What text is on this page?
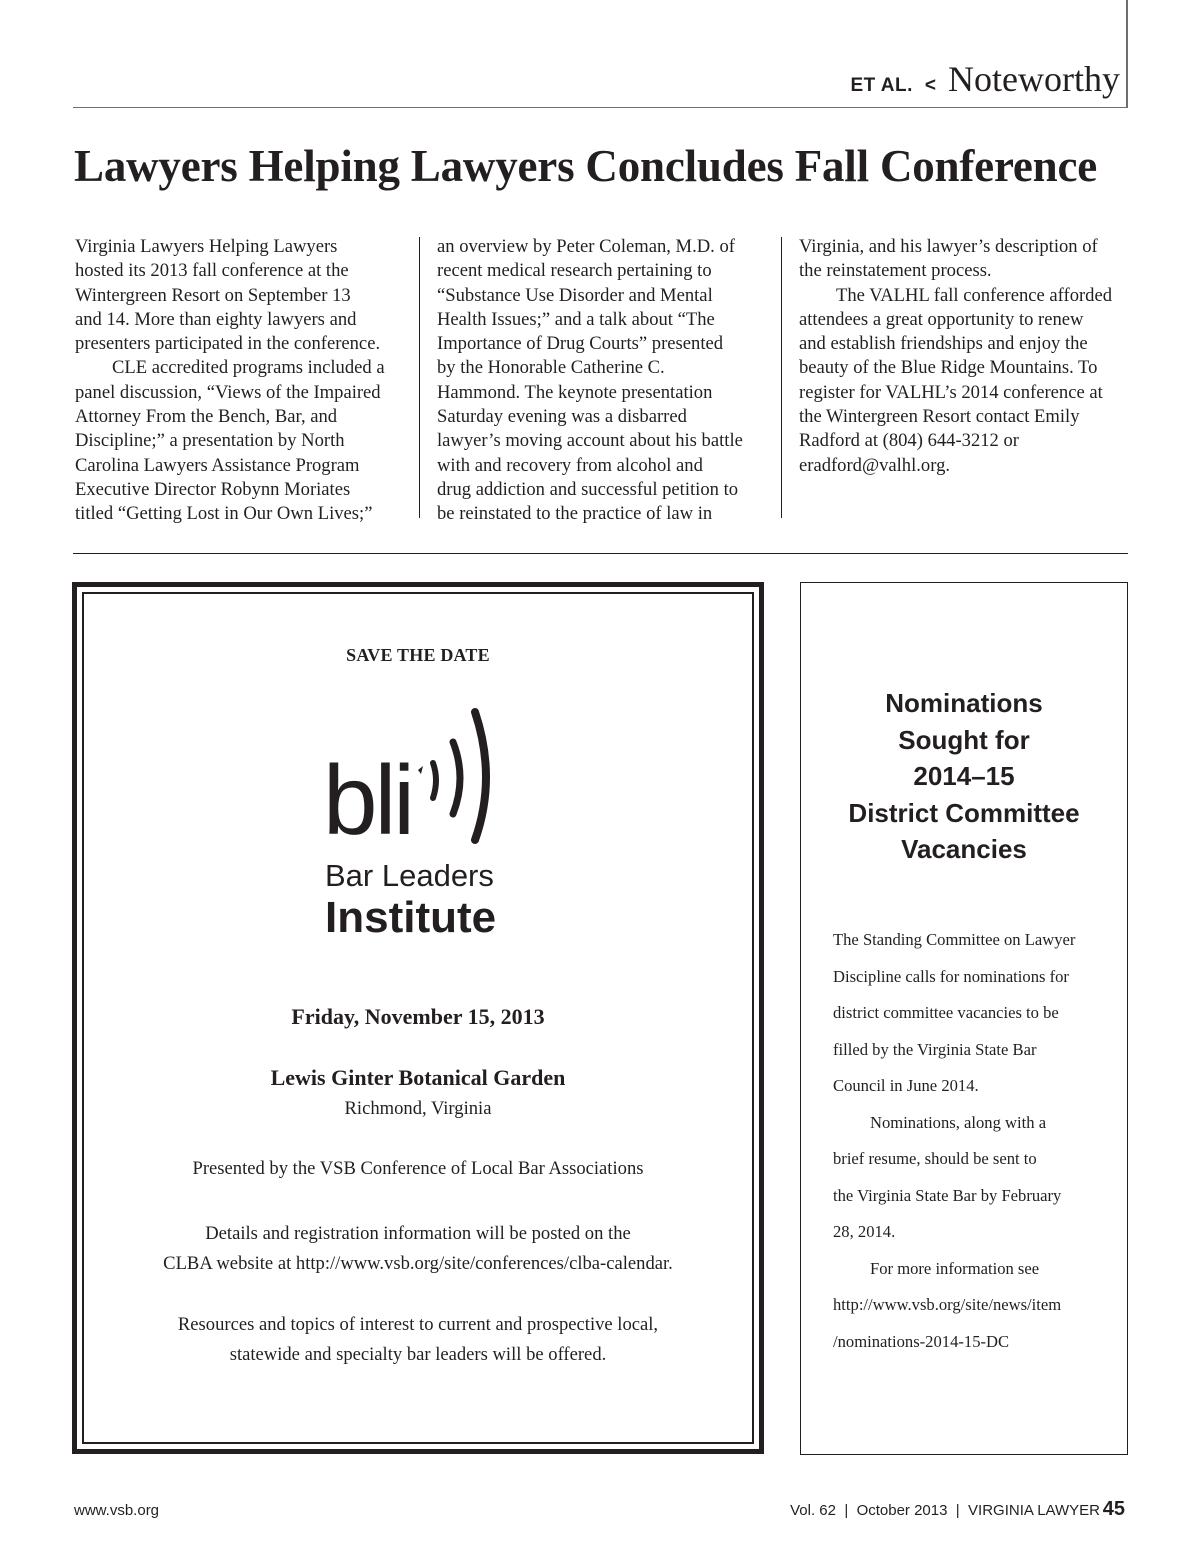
ET AL. < Noteworthy
Lawyers Helping Lawyers Concludes Fall Conference

Virginia Lawyers Helping Lawyers

hosted its 2013 fall conference at the

Wintergreen Resort on September 13

and 14. More than eighty lawyers and

presenters participated in the conference.

CLE accredited programs included a

panel discussion, “Views of the Impaired

Attorney From the Bench, Bar, and

Discipline;” a presentation by North

Carolina Lawyers Assistance Program

Executive Director Robynn Moriates

titled “Getting Lost in Our Own Lives;”

an overview by Peter Coleman, M.D. of

recent medical research pertaining to

“Substance Use Disorder and Mental

Health Issues;” and a talk about “The

Importance of Drug Courts” presented

by the Honorable Catherine C.

Hammond. The keynote presentation

Saturday evening was a disbarred

lawyer’s moving account about his battle

with and recovery from alcohol and

drug addiction and successful petition to

be reinstated to the practice of law in

Virginia, and his lawyer’s description of

the reinstatement process.

The VALHL fall conference afforded

attendees a great opportunity to renew

and establish friendships and enjoy the

beauty of the Blue Ridge Mountains. To

register for VALHL’s 2014 conference at

the Wintergreen Resort contact Emily

Radford at (804) 644-3212 or

eradford@valhl.org.

SAVE THE DATE
bli
Bar Leaders
Institute
Friday, November 15, 2013
Lewis Ginter Botanical Garden
Richmond, Virginia
Presented by the VSB Conference of Local Bar Associations
Details and registration information will be posted on the
CLBA website at http://www.vsb.org/site/conferences/clba-calendar.
Resources and topics of interest to current and prospective local,
statewide and specialty bar leaders will be offered.
Nominations
Sought for
2014–15
District Committee
Vacancies

The Standing Committee on Lawyer

Discipline calls for nominations for

district committee vacancies to be

filled by the Virginia State Bar

Council in June 2014.

Nominations, along with a

brief resume, should be sent to

the Virginia State Bar by February

28, 2014.

For more information see

http://www.vsb.org/site/news/item

/nominations-2014-15-DC

www.vsb.org	Vol. 62  |  October 2013  |  VIRGINIA LAWYER 45
